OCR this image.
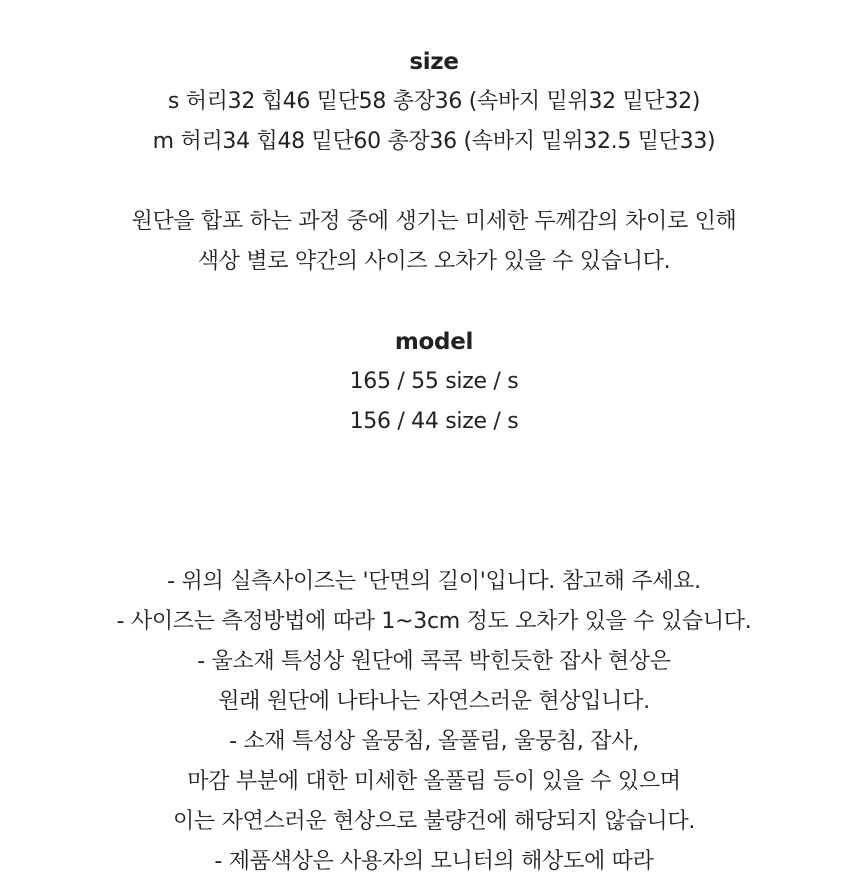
size
s 허리32 힙46 밑단58 총장36 (속바지 밑위32 밑단32)
m 허리34 힙48 밑단60 총장36 (속바지 밑위32.5 밑단33)
원단을 합포 하는 과정 중에 생기는 미세한 두께감의 차이로 인해
색상 별로 약간의 사이즈 오차가 있을 수 있습니다.
model
165 / 55 size / s
156 / 44 size / s
- 위의 실측사이즈는 '단면의 길이'입니다. 참고해 주세요.
- 사이즈는 측정방법에 따라 1~3cm 정도 오차가 있을 수 있습니다.
- 울소재 특성상 원단에 콕콕 박힌듯한 잡사 현상은
원래 원단에 나타나는 자연스러운 현상입니다.
- 소재 특성상 올뭉침, 올풀림, 울뭉침, 잡사,
마감 부분에 대한 미세한 올풀림 등이 있을 수 있으며
이는 자연스러운 현상으로 불량건에 해당되지 않습니다.
- 제품색상은 사용자의 모니터의 해상도에 따라
